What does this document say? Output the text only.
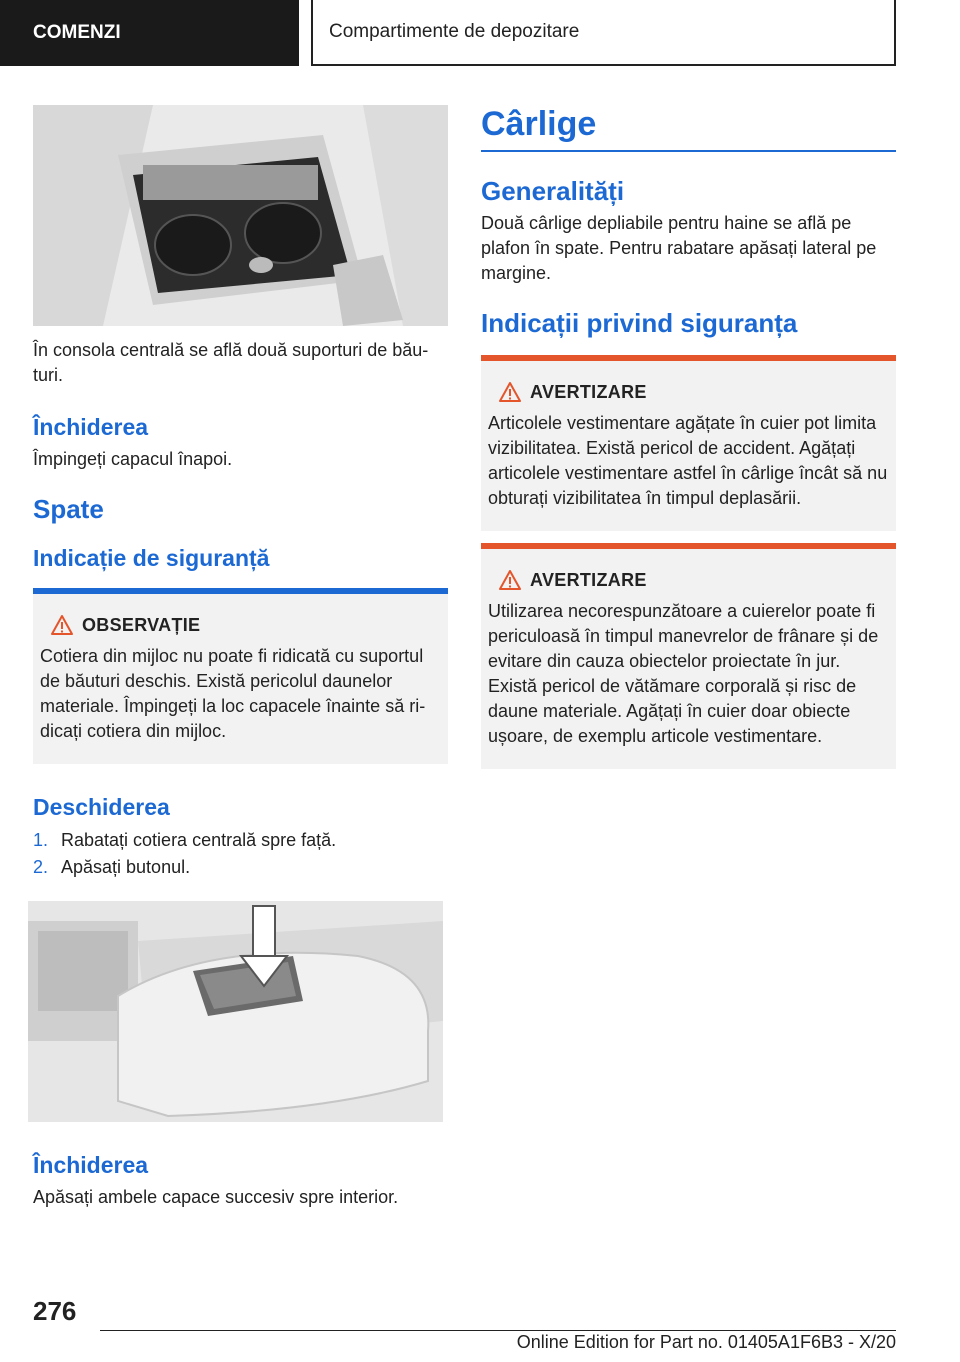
COMENZI	Compartimente de depozitare

În consola centrală se află două suporturi de băuturi.

Închiderea

Împingeți capacul înapoi.

Spate
Indicație de siguranță
OBSERVAȚIE

Cotiera din mijloc nu poate fi ridicată cu suportul de băuturi deschis. Există pericolul daunelor materiale. Împingeți la loc capacele înainte să ridicați cotiera din mijloc.

Deschiderea
1. Rabatați cotiera centrală spre față.
2. Apăsați butonul.
Închiderea

Apăsați ambele capace succesiv spre interior.

Cârlige
Generalități

Două cârlige depliabile pentru haine se află pe plafon în spate. Pentru rabatare apăsați lateral pe margine.

Indicații privind siguranța
AVERTIZARE

Articolele vestimentare agățate în cuier pot limita vizibilitatea. Există pericol de accident. Agățați articolele vestimentare astfel în cârlige încât să nu obturați vizibilitatea în timpul deplasării.

AVERTIZARE

Utilizarea necorespunzătoare a cuierelor poate fi periculoasă în timpul manevrelor de frânare și de evitare din cauza obiectelor proiectate în jur. Există pericol de vătămare corporală și risc de daune materiale. Agățați în cuier doar obiecte ușoare, de exemplu articole vestimentare.

276
Online Edition for Part no. 01405A1F6B3 - X/20
